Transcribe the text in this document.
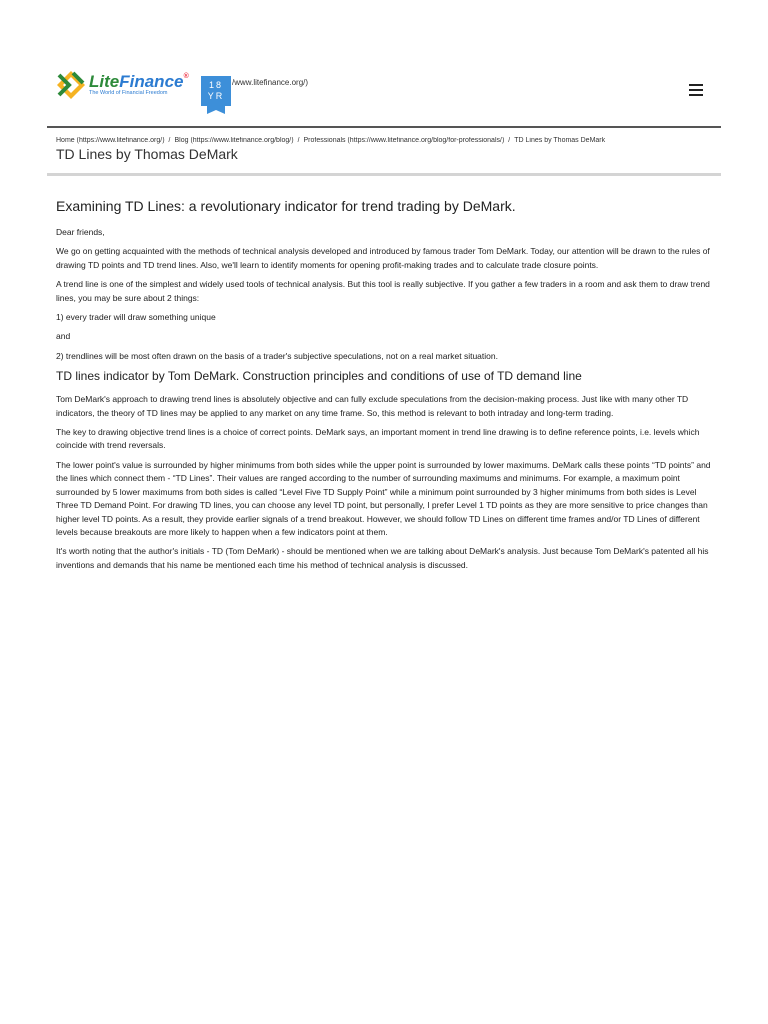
LiteFinance®
The World of Financial Freedom
18
YR
/www.litefinance.org/)
Home (https://www.litefinance.org/) / Blog (https://www.litefinance.org/blog/) / Professionals (https://www.litefinance.org/blog/for-professionals/) / TD Lines by Thomas DeMark
TD Lines by Thomas DeMark
Examining TD Lines: a revolutionary indicator for trend trading by DeMark.

Dear friends,

We go on getting acquainted with the methods of technical analysis developed and introduced by famous trader Tom DeMark. Today, our attention will be drawn to the rules of drawing TD points and TD trend lines. Also, we'll learn to identify moments for opening profit-making trades and to calculate trade closure points.

A trend line is one of the simplest and widely used tools of technical analysis. But this tool is really subjective. If you gather a few traders in a room and ask them to draw trend lines, you may be sure about 2 things:

1) every trader will draw something unique

and

2) trendlines will be most often drawn on the basis of a trader's subjective speculations, not on a real market situation.

TD lines indicator by Tom DeMark. Construction principles and conditions of use of TD demand line

Tom DeMark's approach to drawing trend lines is absolutely objective and can fully exclude speculations from the decision-making process. Just like with many other TD indicators, the theory of TD lines may be applied to any market on any time frame. So, this method is relevant to both intraday and long-term trading.

The key to drawing objective trend lines is a choice of correct points. DeMark says, an important moment in trend line drawing is to define reference points, i.e. levels which coincide with trend reversals.

The lower point's value is surrounded by higher minimums from both sides while the upper point is surrounded by lower maximums. DeMark calls these points “TD points” and the lines which connect them - “TD Lines”. Their values are ranged according to the number of surrounding maximums and minimums. For example, a maximum point surrounded by 5 lower maximums from both sides is called “Level Five TD Supply Point” while a minimum point surrounded by 3 higher minimums from both sides is Level Three TD Demand Point. For drawing TD lines, you can choose any level TD point, but personally, I prefer Level 1 TD points as they are more sensitive to price changes than higher level TD points. As a result, they provide earlier signals of a trend breakout. However, we should follow TD Lines on different time frames and/or TD Lines of different levels because breakouts are more likely to happen when a few indicators point at them.

It's worth noting that the author's initials - TD (Tom DeMark) - should be mentioned when we are talking about DeMark's analysis. Just because Tom DeMark's patented all his inventions and demands that his name be mentioned each time his method of technical analysis is discussed.
